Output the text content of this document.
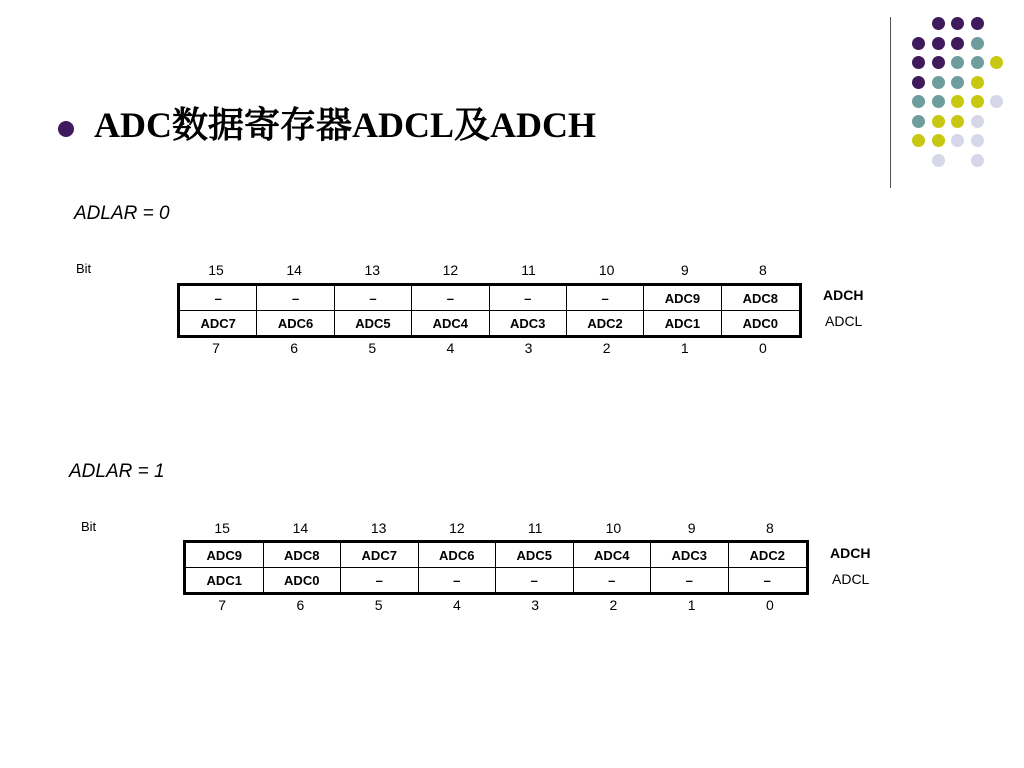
ADC数据寄存器ADCL及ADCH
ADLAR = 0
Bit	15	14	13	12	11	10	9	8
–	–	–	–	–	–	ADC9	ADC8
ADC7	ADC6	ADC5	ADC4	ADC3	ADC2	ADC1	ADC0
7	6	5	4	3	2	1	0
ADCH
ADCL
ADLAR = 1
Bit	15	14	13	12	11	10	9	8
ADC9	ADC8	ADC7	ADC6	ADC5	ADC4	ADC3	ADC2
ADC1	ADC0	–	–	–	–	–	–
7	6	5	4	3	2	1	0
ADCH
ADCL
